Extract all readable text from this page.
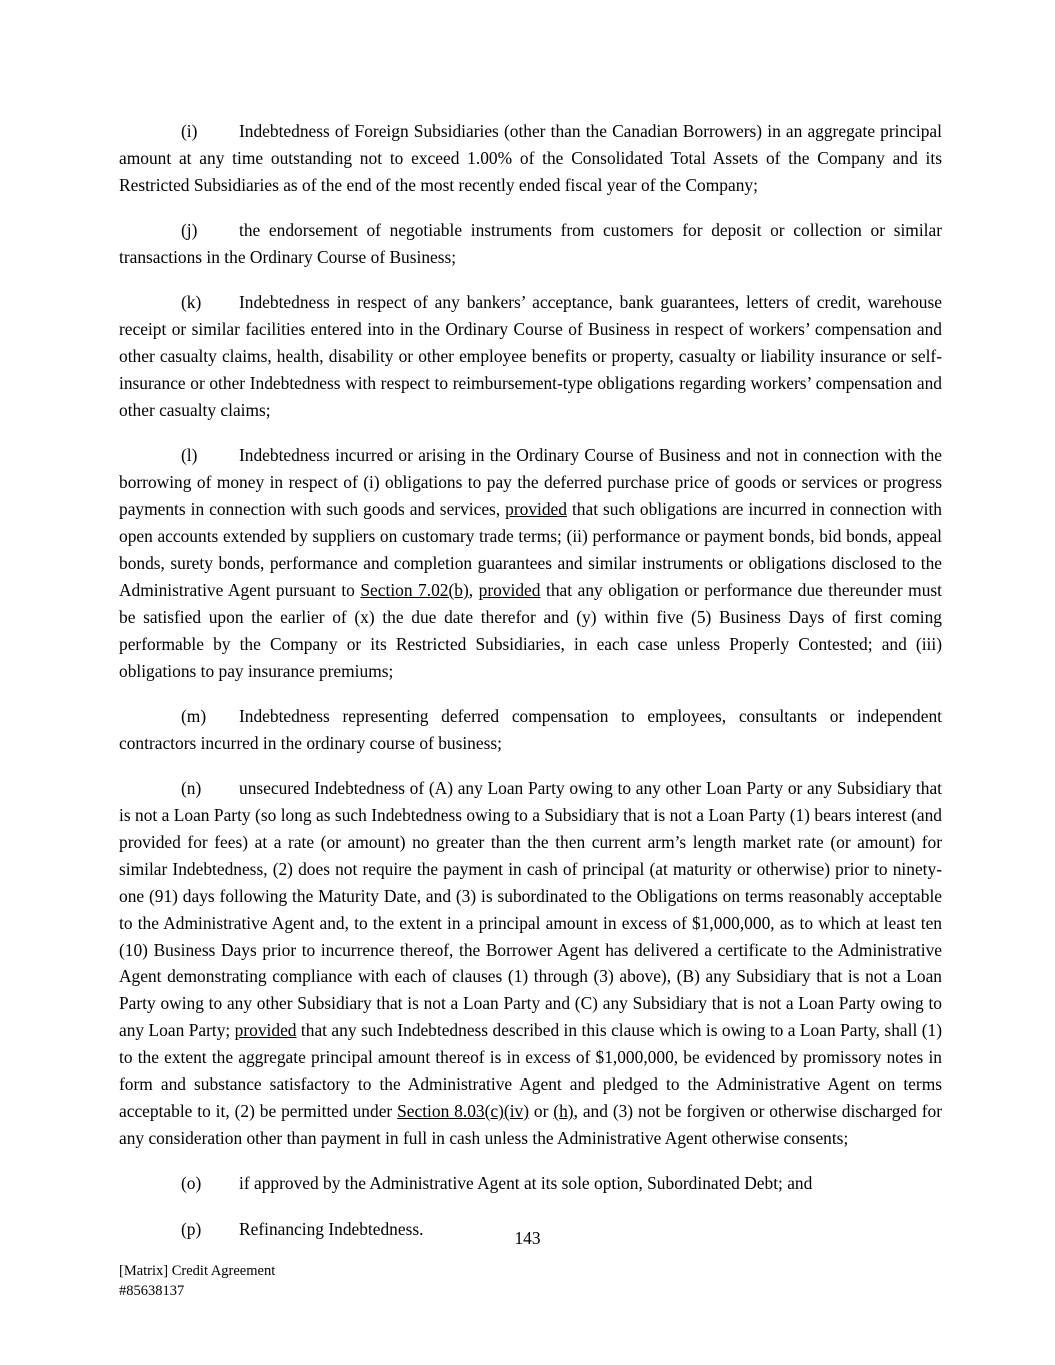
(i) Indebtedness of Foreign Subsidiaries (other than the Canadian Borrowers) in an aggregate principal amount at any time outstanding not to exceed 1.00% of the Consolidated Total Assets of the Company and its Restricted Subsidiaries as of the end of the most recently ended fiscal year of the Company;

(j) the endorsement of negotiable instruments from customers for deposit or collection or similar transactions in the Ordinary Course of Business;

(k) Indebtedness in respect of any bankers’ acceptance, bank guarantees, letters of credit, warehouse receipt or similar facilities entered into in the Ordinary Course of Business in respect of workers’ compensation and other casualty claims, health, disability or other employee benefits or property, casualty or liability insurance or self-insurance or other Indebtedness with respect to reimbursement-type obligations regarding workers’ compensation and other casualty claims;

(l) Indebtedness incurred or arising in the Ordinary Course of Business and not in connection with the borrowing of money in respect of (i) obligations to pay the deferred purchase price of goods or services or progress payments in connection with such goods and services, provided that such obligations are incurred in connection with open accounts extended by suppliers on customary trade terms; (ii) performance or payment bonds, bid bonds, appeal bonds, surety bonds, performance and completion guarantees and similar instruments or obligations disclosed to the Administrative Agent pursuant to Section 7.02(b), provided that any obligation or performance due thereunder must be satisfied upon the earlier of (x) the due date therefor and (y) within five (5) Business Days of first coming performable by the Company or its Restricted Subsidiaries, in each case unless Properly Contested; and (iii) obligations to pay insurance premiums;

(m) Indebtedness representing deferred compensation to employees, consultants or independent contractors incurred in the ordinary course of business;

(n) unsecured Indebtedness of (A) any Loan Party owing to any other Loan Party or any Subsidiary that is not a Loan Party (so long as such Indebtedness owing to a Subsidiary that is not a Loan Party (1) bears interest (and provided for fees) at a rate (or amount) no greater than the then current arm’s length market rate (or amount) for similar Indebtedness, (2) does not require the payment in cash of principal (at maturity or otherwise) prior to ninety-one (91) days following the Maturity Date, and (3) is subordinated to the Obligations on terms reasonably acceptable to the Administrative Agent and, to the extent in a principal amount in excess of $1,000,000, as to which at least ten (10) Business Days prior to incurrence thereof, the Borrower Agent has delivered a certificate to the Administrative Agent demonstrating compliance with each of clauses (1) through (3) above), (B) any Subsidiary that is not a Loan Party owing to any other Subsidiary that is not a Loan Party and (C) any Subsidiary that is not a Loan Party owing to any Loan Party; provided that any such Indebtedness described in this clause which is owing to a Loan Party, shall (1) to the extent the aggregate principal amount thereof is in excess of $1,000,000, be evidenced by promissory notes in form and substance satisfactory to the Administrative Agent and pledged to the Administrative Agent on terms acceptable to it, (2) be permitted under Section 8.03(c)(iv) or (h), and (3) not be forgiven or otherwise discharged for any consideration other than payment in full in cash unless the Administrative Agent otherwise consents;

(o) if approved by the Administrative Agent at its sole option, Subordinated Debt; and

(p) Refinancing Indebtedness.	143
[Matrix] Credit Agreement
#85638137
